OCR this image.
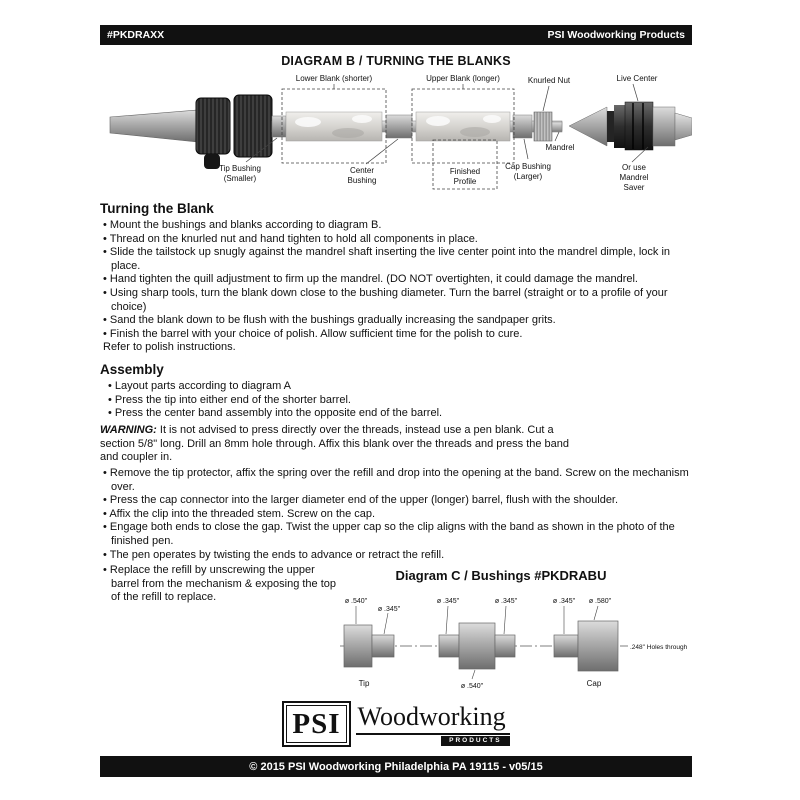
#PKDRAXX	PSI Woodworking Products
DIAGRAM B / TURNING THE BLANKS
Lower Blank (shorter)	Upper Blank (longer)	Knurled Nut	Live Center
Mandrel
Tip Bushing
(Smaller)
Center
Bushing
Finished
Profile
Cap Bushing
(Larger)
Or use
Mandrel
Saver
Turning the Blank
• Mount the bushings and blanks according to diagram B.
• Thread on the knurled nut and hand tighten to hold all components in place.
• Slide the tailstock up snugly against the mandrel shaft inserting the live center point into the mandrel dimple, lock in place.
• Hand tighten the quill adjustment to firm up the mandrel. (DO NOT overtighten, it could damage the mandrel.
• Using sharp tools, turn the blank down close to the bushing diameter. Turn the barrel (straight or to a profile of your choice)
• Sand the blank down to be flush with the bushings gradually increasing the sandpaper grits.
• Finish the barrel with your choice of polish. Allow sufficient time for the polish to cure.
Refer to polish instructions.
Assembly
• Layout parts according to diagram A
• Press the tip into either end of the shorter barrel.
• Press the center band assembly into the opposite end of the barrel.

WARNING: It is not advised to press directly over the threads, instead use a pen blank. Cut a section 5/8" long. Drill an 8mm hole through. Affix this blank over the threads and press the band and coupler in.

• Remove the tip protector, affix the spring over the refill and drop into the opening at the band. Screw on the mechanism over.
• Press the cap connector into the larger diameter end of the upper (longer) barrel, flush with the shoulder.
• Affix the clip into the threaded stem. Screw on the cap.
• Engage both ends to close the gap. Twist the upper cap so the clip aligns with the band as shown in the photo of the finished pen.
• The pen operates by twisting the ends to advance or retract the refill.
• Replace the refill by unscrewing the upper barrel from the mechanism & exposing the top of the refill to replace.
Diagram C / Bushings #PKDRABU
ø .540"
ø .345"
ø .345"	ø .345"
ø .540"
ø .345" ø .580"
Tip	Cap
.248" Holes through
PSI Woodworking
PRODUCTS
© 2015 PSI Woodworking Philadelphia PA 19115 - v05/15
